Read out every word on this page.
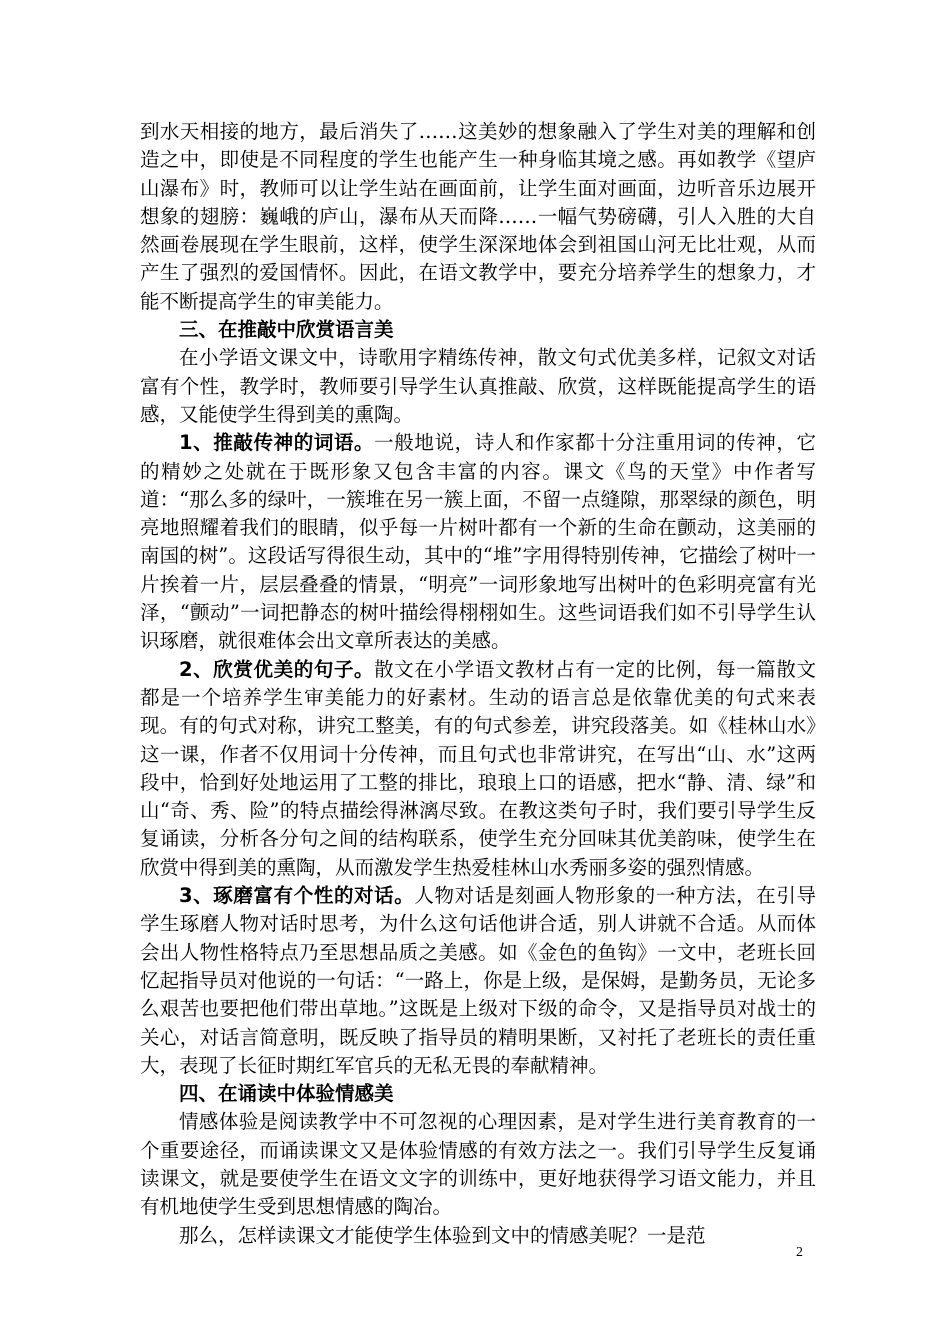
到水天相接的地方，最后消失了……这美妙的想象融入了学生对美的理解和创造之中，即使是不同程度的学生也能产生一种身临其境之感。再如教学《望庐山瀑布》时，教师可以让学生站在画面前，让学生面对画面，边听音乐边展开想象的翅膀：巍峨的庐山，瀑布从天而降……一幅气势磅礴，引人入胜的大自然画卷展现在学生眼前，这样，使学生深深地体会到祖国山河无比壮观，从而产生了强烈的爱国情怀。因此，在语文教学中，要充分培养学生的想象力，才能不断提高学生的审美能力。

三、在推敲中欣赏语言美

在小学语文课文中，诗歌用字精练传神，散文句式优美多样，记叙文对话富有个性，教学时，教师要引导学生认真推敲、欣赏，这样既能提高学生的语感，又能使学生得到美的熏陶。

1、推敲传神的词语。一般地说，诗人和作家都十分注重用词的传神，它的精妙之处就在于既形象又包含丰富的内容。课文《鸟的天堂》中作者写道：“那么多的绿叶，一簇堆在另一簇上面，不留一点缝隙，那翠绿的颜色，明亮地照耀着我们的眼睛，似乎每一片树叶都有一个新的生命在颤动，这美丽的南国的树”。这段话写得很生动，其中的“堆”字用得特别传神，它描绘了树叶一片挨着一片，层层叠叠的情景，“明亮”一词形象地写出树叶的色彩明亮富有光泽，“颤动”一词把静态的树叶描绘得栩栩如生。这些词语我们如不引导学生认识琢磨，就很难体会出文章所表达的美感。

2、欣赏优美的句子。散文在小学语文教材占有一定的比例，每一篇散文都是一个培养学生审美能力的好素材。生动的语言总是依靠优美的句式来表现。有的句式对称，讲究工整美，有的句式参差，讲究段落美。如《桂林山水》这一课，作者不仅用词十分传神，而且句式也非常讲究，在写出“山、水”这两段中，恰到好处地运用了工整的排比，琅琅上口的语感，把水“静、清、绿”和山“奇、秀、险”的特点描绘得淋漓尽致。在教这类句子时，我们要引导学生反复诵读，分析各分句之间的结构联系，使学生充分回味其优美韵味，使学生在欣赏中得到美的熏陶，从而激发学生热爱桂林山水秀丽多姿的强烈情感。

3、琢磨富有个性的对话。人物对话是刻画人物形象的一种方法，在引导学生琢磨人物对话时思考，为什么这句话他讲合适，别人讲就不合适。从而体会出人物性格特点乃至思想品质之美感。如《金色的鱼钩》一文中，老班长回忆起指导员对他说的一句话：“一路上，你是上级，是保姆，是勤务员，无论多么艰苦也要把他们带出草地。”这既是上级对下级的命令，又是指导员对战士的关心，对话言简意明，既反映了指导员的精明果断，又衬托了老班长的责任重大，表现了长征时期红军官兵的无私无畏的奉献精神。

四、在诵读中体验情感美

情感体验是阅读教学中不可忽视的心理因素，是对学生进行美育教育的一个重要途径，而诵读课文又是体验情感的有效方法之一。我们引导学生反复诵读课文，就是要使学生在语文文字的训练中，更好地获得学习语文能力，并且有机地使学生受到思想情感的陶冶。

那么，怎样读课文才能使学生体验到文中的情感美呢？一是范

2
